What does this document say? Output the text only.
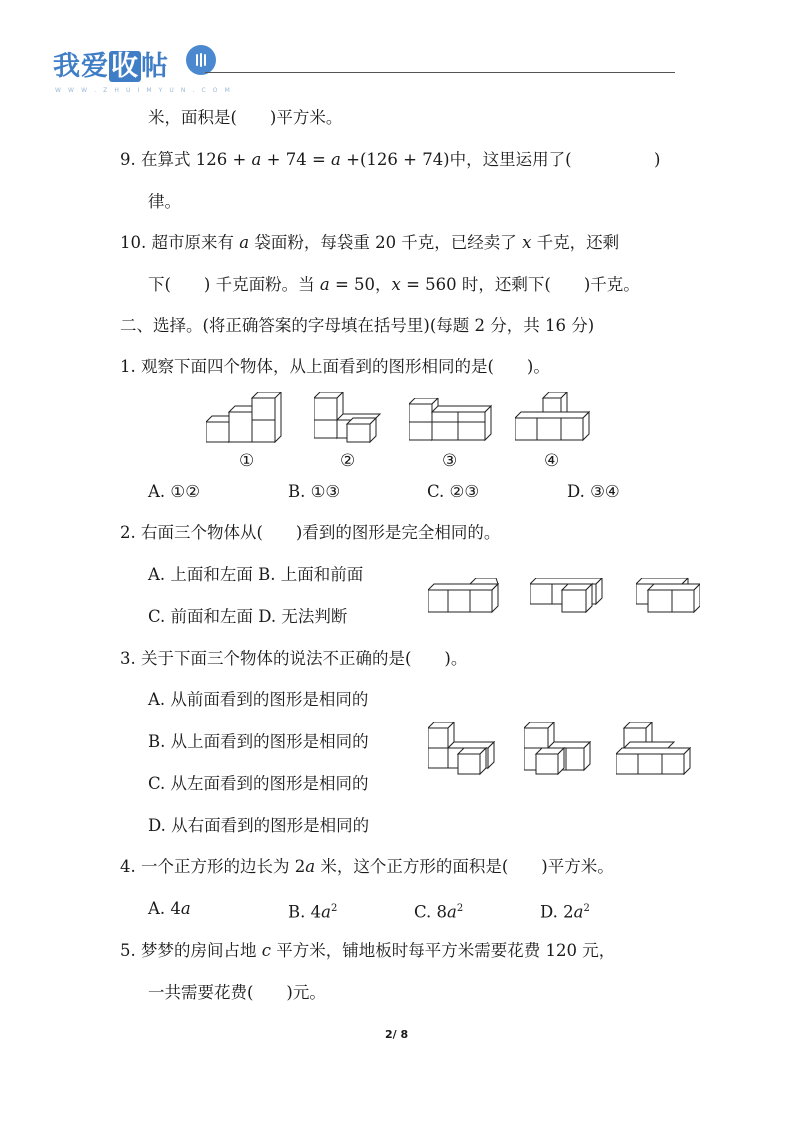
我爱收帖
W W W . Z H U I M Y U N . C O M
米，面积是(　　)平方米。
9. 在算式 126 + a + 74 = a +(126 + 74)中，这里运用了(　　　　　)
律。
10. 超市原来有 a 袋面粉，每袋重 20 千克，已经卖了 x 千克，还剩
下(　　) 千克面粉。当 a = 50，x = 560 时，还剩下(　　)千克。
二、选择。(将正确答案的字母填在括号里)(每题 2 分，共 16 分)
1. 观察下面四个物体，从上面看到的图形相同的是(　　)。
①	②	③	④
A. ①②	B. ①③	C. ②③	D. ③④
2. 右面三个物体从(　　)看到的图形是完全相同的。
A. 上面和左面 B. 上面和前面
C. 前面和左面 D. 无法判断
3. 关于下面三个物体的说法不正确的是(　　)。
A. 从前面看到的图形是相同的
B. 从上面看到的图形是相同的
C. 从左面看到的图形是相同的
D. 从右面看到的图形是相同的
4. 一个正方形的边长为 2a 米，这个正方形的面积是(　　)平方米。
A. 4a	B. $4a^2$	C. $8a^2$	D. $2a^2$
5. 梦梦的房间占地 c 平方米，铺地板时每平方米需要花费 120 元，
一共需要花费(　　)元。
2/ 8
